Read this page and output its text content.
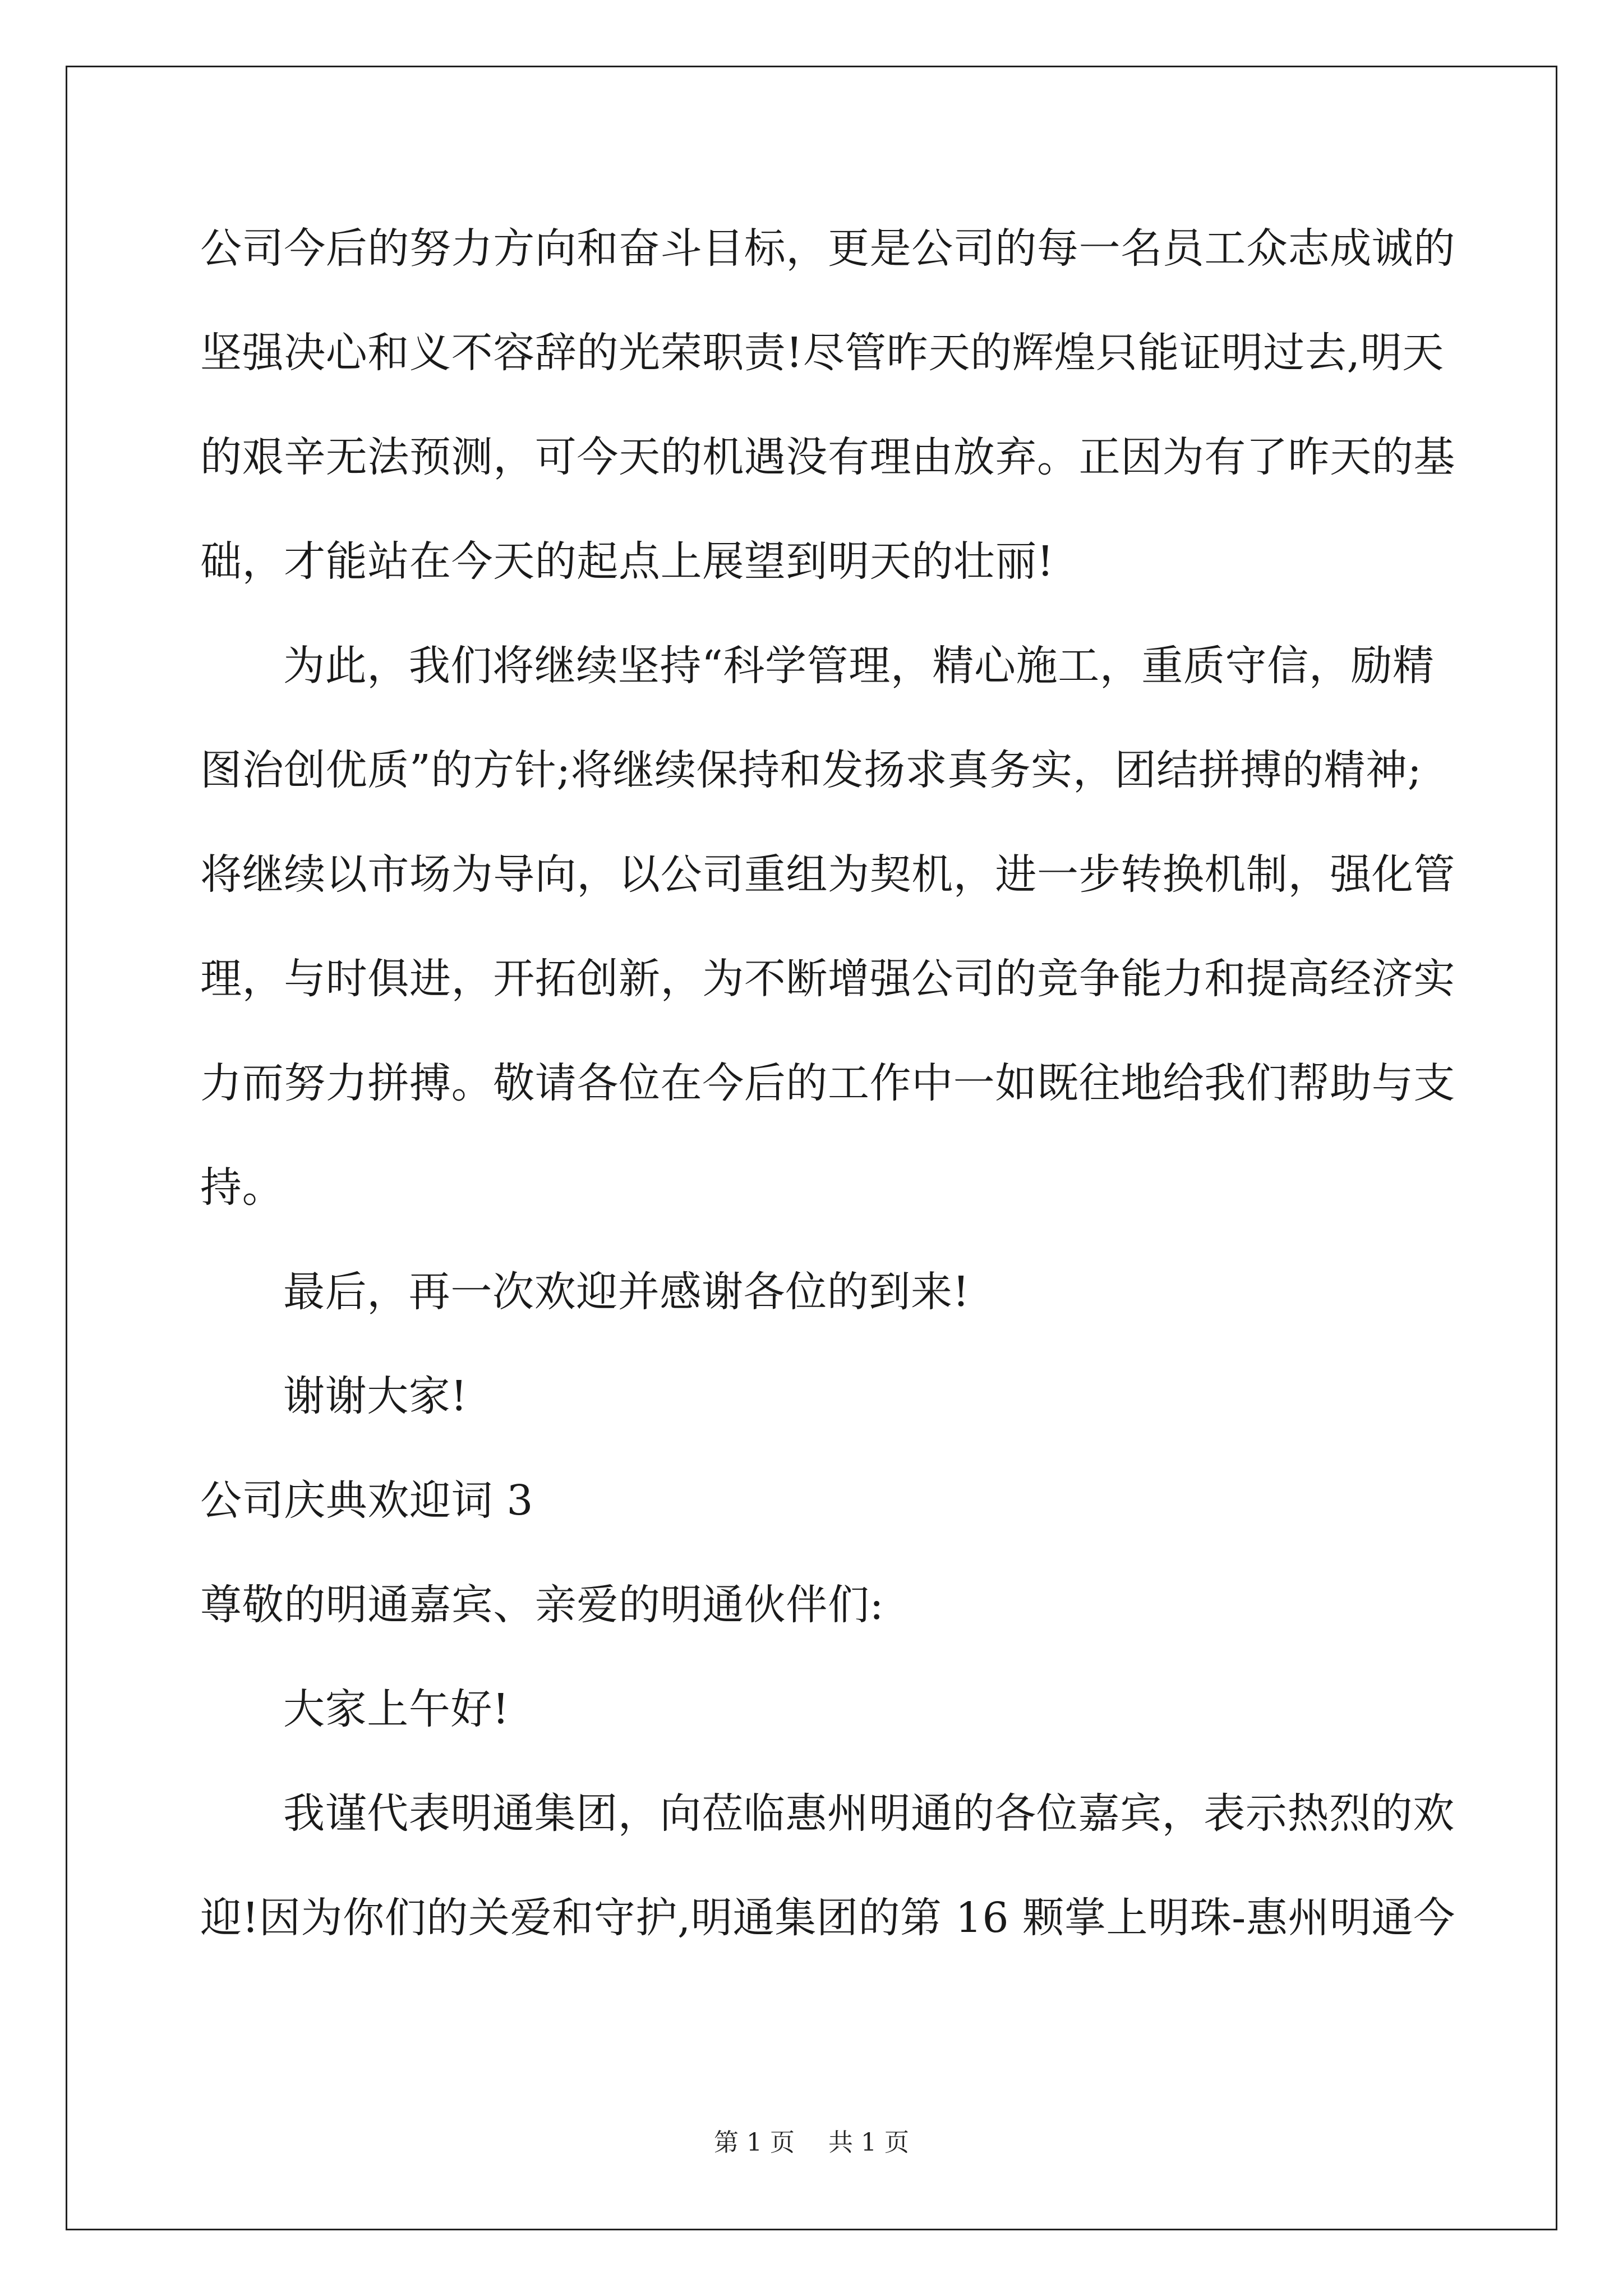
公司今后的努力方向和奋斗目标，更是公司的每一名员工众志成诚的
坚强决心和义不容辞的光荣职责!尽管昨天的辉煌只能证明过去,明天
的艰辛无法预测，可今天的机遇没有理由放弃。正因为有了昨天的基
础，才能站在今天的起点上展望到明天的壮丽!
为此，我们将继续坚持“科学管理，精心施工，重质守信，励精
图治创优质”的方针;将继续保持和发扬求真务实，团结拼搏的精神;
将继续以市场为导向，以公司重组为契机，进一步转换机制，强化管
理，与时俱进，开拓创新，为不断增强公司的竞争能力和提高经济实
力而努力拼搏。敬请各位在今后的工作中一如既往地给我们帮助与支
持。
最后，再一次欢迎并感谢各位的到来!
谢谢大家!
公司庆典欢迎词 3
尊敬的明通嘉宾、亲爱的明通伙伴们:
大家上午好!
我谨代表明通集团，向莅临惠州明通的各位嘉宾，表示热烈的欢
迎!因为你们的关爱和守护,明通集团的第 16 颗掌上明珠-惠州明通今
第 1 页 共 1 页
